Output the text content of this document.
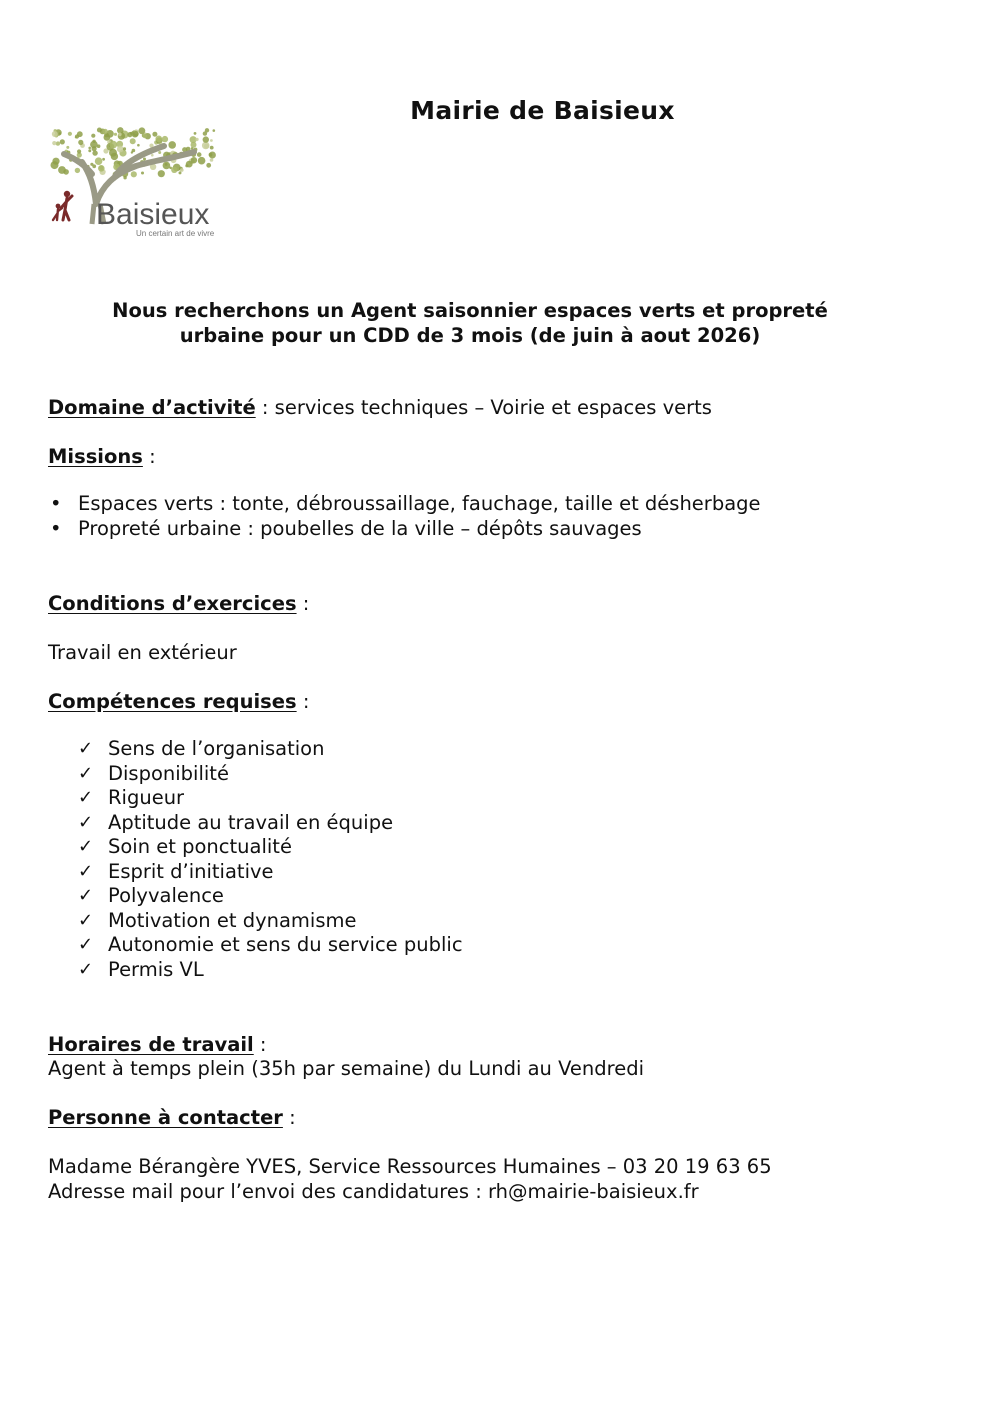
Mairie de Baisieux
Baisieux
Un certain art de vivre
Nous recherchons un Agent saisonnier espaces verts et propreté
urbaine pour un CDD de 3 mois (de juin à aout 2026)
Domaine d’activité : services techniques – Voirie et espaces verts
Missions :
• Espaces verts : tonte, débroussaillage, fauchage, taille et désherbage
• Propreté urbaine : poubelles de la ville – dépôts sauvages
Conditions d’exercices :
Travail en extérieur
Compétences requises :
✓ Sens de l’organisation
✓ Disponibilité
✓ Rigueur
✓ Aptitude au travail en équipe
✓ Soin et ponctualité
✓ Esprit d’initiative
✓ Polyvalence
✓ Motivation et dynamisme
✓ Autonomie et sens du service public
✓ Permis VL
Horaires de travail :
Agent à temps plein (35h par semaine) du Lundi au Vendredi
Personne à contacter :
Madame Bérangère YVES, Service Ressources Humaines – 03 20 19 63 65
Adresse mail pour l’envoi des candidatures : rh@mairie-baisieux.fr
